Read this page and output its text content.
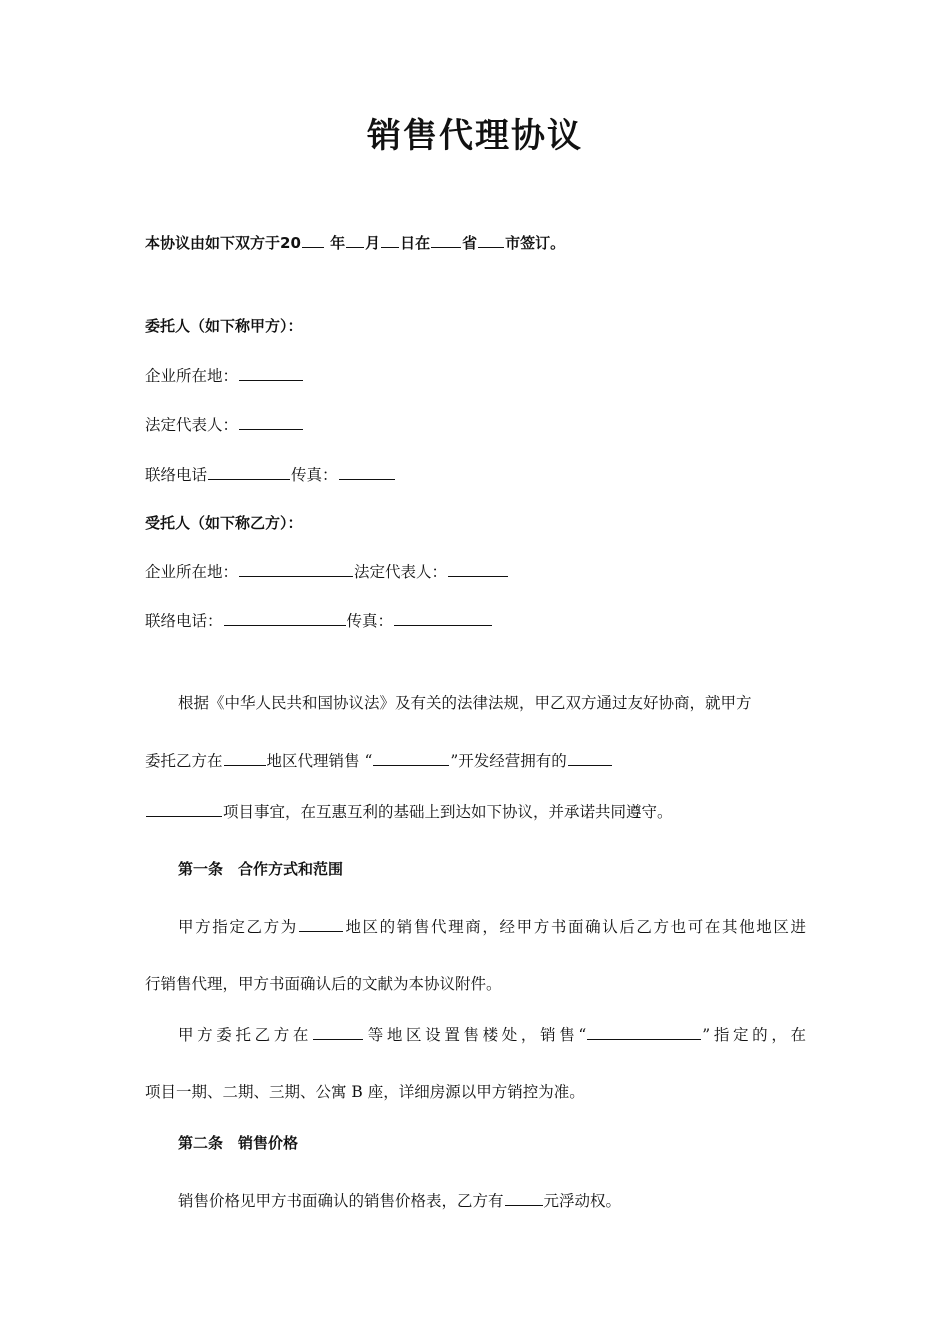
销售代理协议
本协议由如下双方于20 年 月 日在 省 市签订。
委托人（如下称甲方）：
企业所在地：
法定代表人：
联络电话	传真：
受托人（如下称乙方）：
企业所在地：	法定代表人：
联络电话：	传真：
根据《中华人民共和国协议法》及有关的法律法规，甲乙双方通过友好协商，就甲方
委托乙方在	地区代理销售 “	”开发经营拥有的
项目事宜，在互惠互利的基础上到达如下协议，并承诺共同遵守。
第一条　合作方式和范围
甲方指定乙方为	地区的销售代理商，经甲方书面确认后乙方也可在其他地区进
行销售代理，甲方书面确认后的文献为本协议附件。
甲方委托乙方在	等地区设置售楼处，销售“	”指定的，在
项目一期、二期、三期、公寓 B 座，详细房源以甲方销控为准。
第二条　销售价格
销售价格见甲方书面确认的销售价格表，乙方有	元浮动权。
